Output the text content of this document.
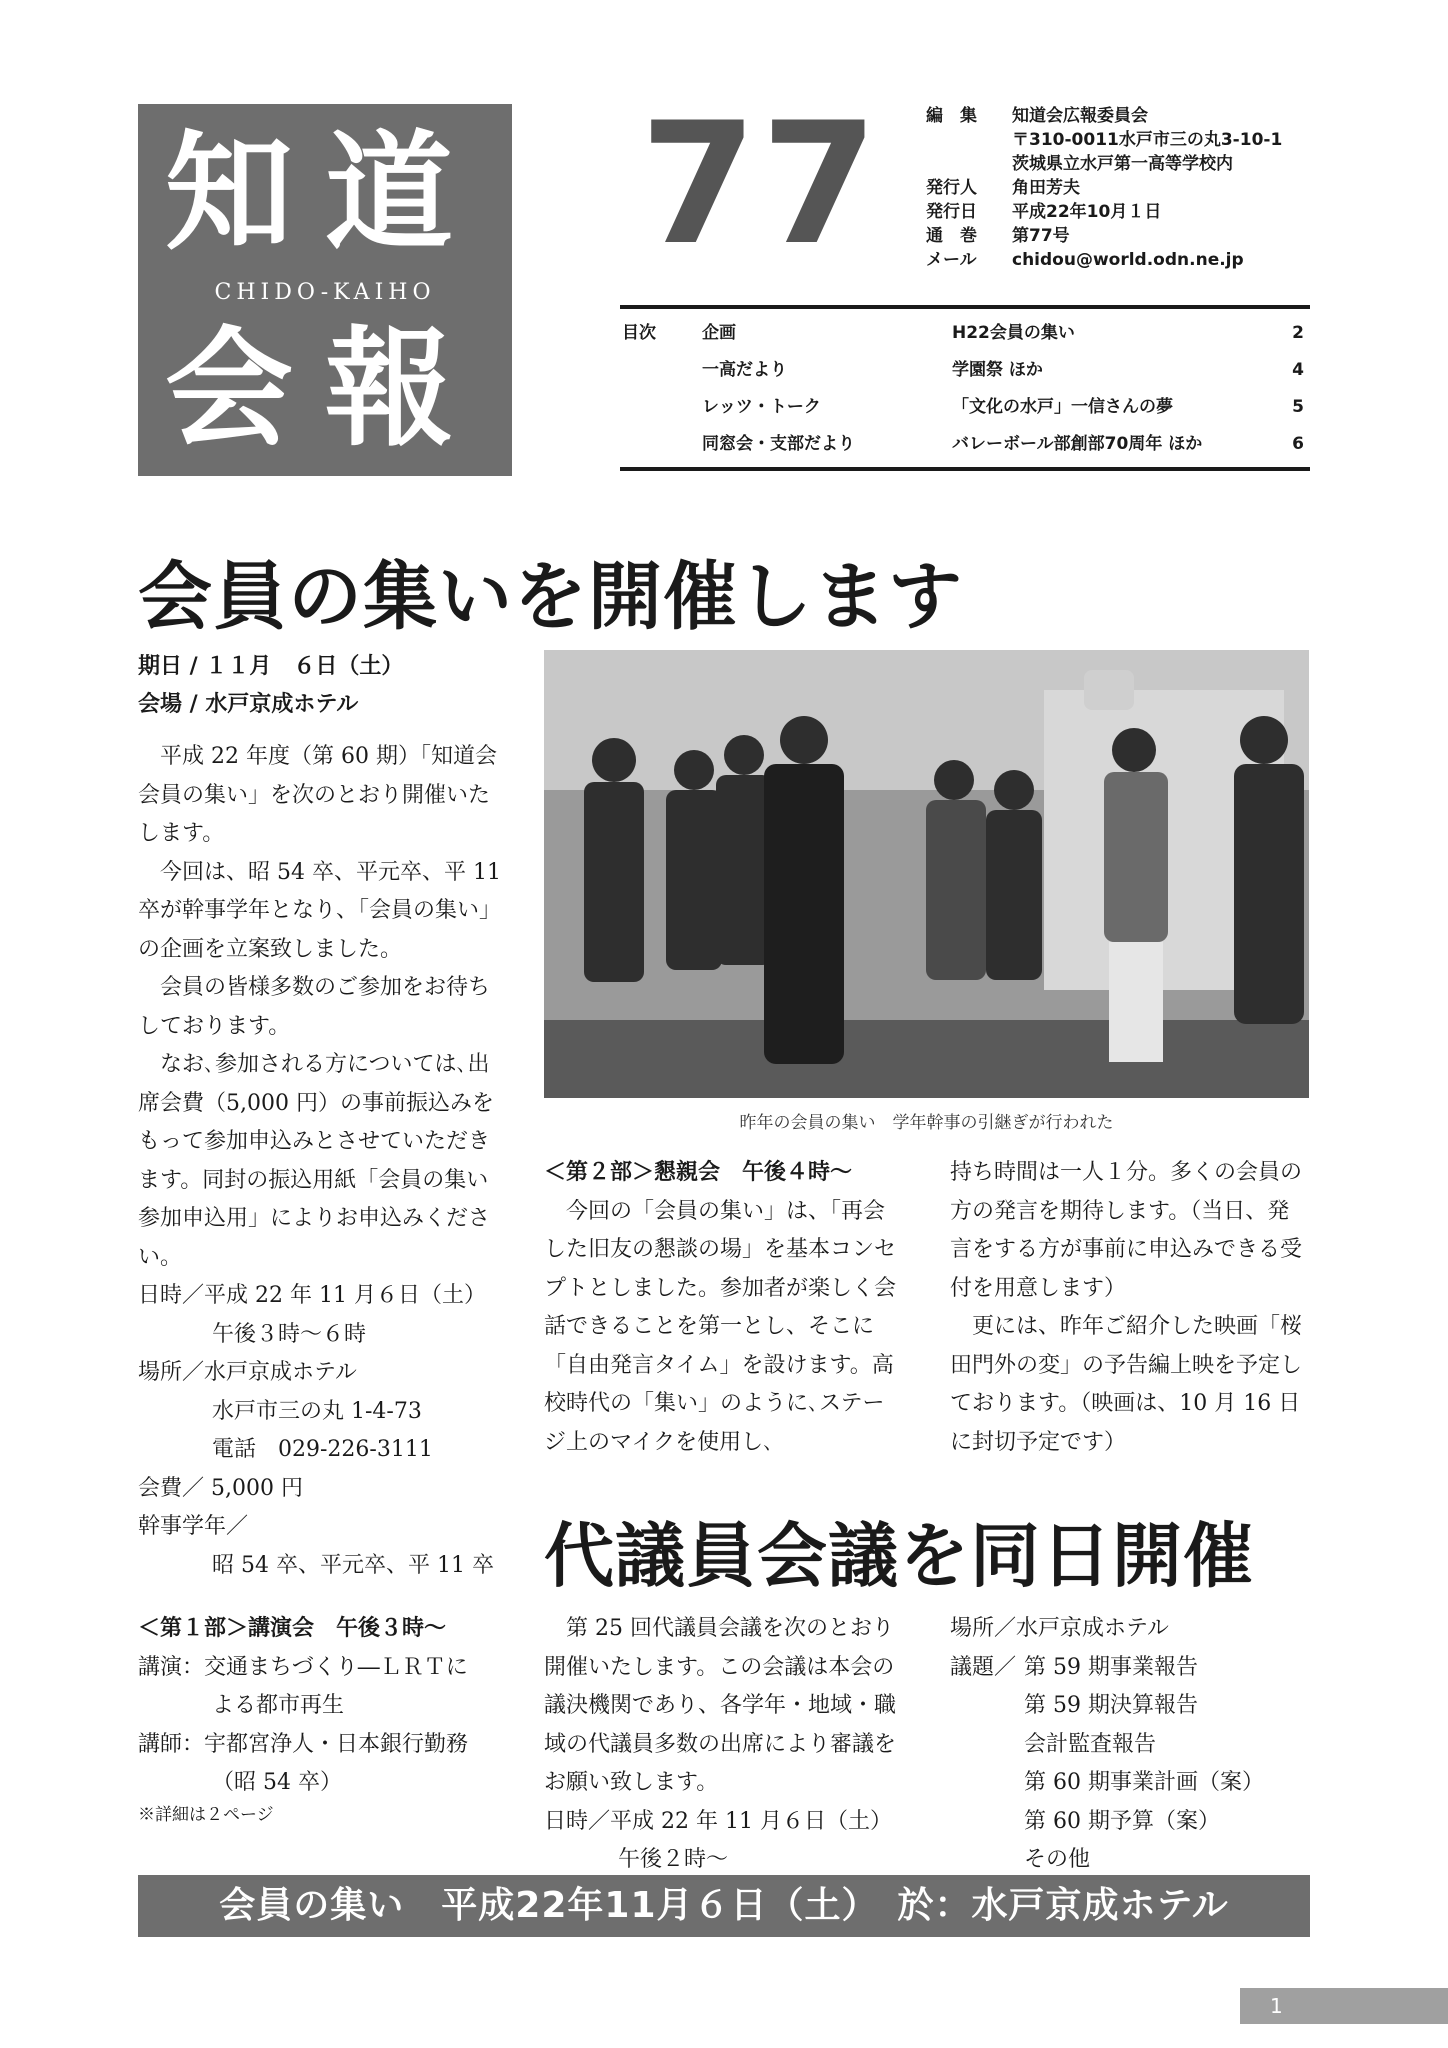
知道
CHIDO-KAIHO
会報
77	編　集	知道会広報委員会
〒310-0011水戸市三の丸3-10-1
茨城県立水戸第一高等学校内
発行人	角田芳夫
発行日	平成22年10月１日
通　巻	第77号
メール	chidou@world.odn.ne.jp
目次	企画	H22会員の集い	2
一高だより	学園祭 ほか	4
レッツ・トーク	「文化の水戸」一信さんの夢	5
同窓会・支部だより	バレーボール部創部70周年 ほか	6
会員の集いを開催します
期日 / １１月　６日（土）
会場 / 水戸京成ホテル

平成 22 年度（第 60 期）「知道会会員の集い」を次のとおり開催いたします。

今回は、昭 54 卒、平元卒、平 11 卒が幹事学年となり、「会員の集い」の企画を立案致しました。

会員の皆様多数のご参加をお待ちしております。

なお､参加される方については､出席会費（5,000 円）の事前振込みをもって参加申込みとさせていただきます。同封の振込用紙「会員の集い参加申込用」によりお申込みください。

日時／平成 22 年 11 月６日（土）
午後３時～６時
場所／水戸京成ホテル
水戸市三の丸 1-4-73
電話　029-226-3111
会費／ 5,000 円
幹事学年／
昭 54 卒、平元卒、平 11 卒
昨年の会員の集い　学年幹事の引継ぎが行われた
＜第２部＞懇親会　午後４時～

今回の「会員の集い」は、「再会した旧友の懇談の場」を基本コンセプトとしました。参加者が楽しく会話できることを第一とし、そこに「自由発言タイム」を設けます。高校時代の「集い」のように､ステージ上のマイクを使用し､

持ち時間は一人１分。多くの会員の方の発言を期待します。（当日、発言をする方が事前に申込みできる受付を用意します）

更には、昨年ご紹介した映画「桜田門外の変」の予告編上映を予定しております。（映画は、10 月 16 日に封切予定です）

＜第１部＞講演会　午後３時～
講演：交通まちづくり―ＬＲＴに
よる都市再生
講師：宇都宮浄人・日本銀行勤務
（昭 54 卒）
※詳細は２ページ
代議員会議を同日開催

第 25 回代議員会議を次のとおり開催いたします。この会議は本会の議決機関であり、各学年・地域・職域の代議員多数の出席により審議をお願い致します。

日時／平成 22 年 11 月６日（土）
午後２時～
場所／水戸京成ホテル
議題／ 第 59 期事業報告
第 59 期決算報告
会計監査報告
第 60 期事業計画（案）
第 60 期予算（案）
その他
会員の集い　平成22年11月６日（土）　於：水戸京成ホテル
1
